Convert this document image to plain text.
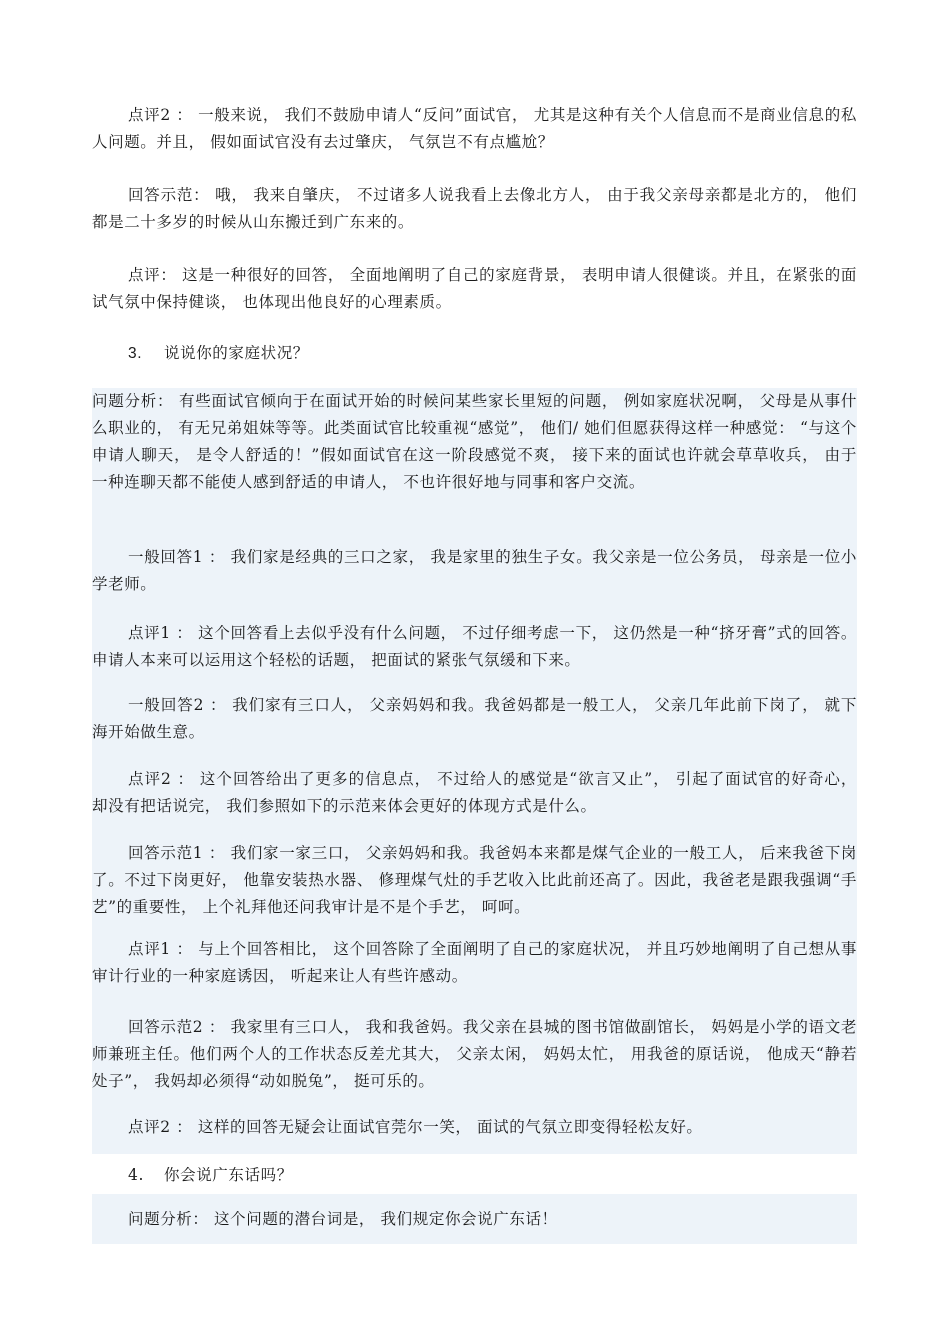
点评2 ： 一般来说， 我们不鼓励申请人“反问”面试官， 尤其是这种有关个人信息而不是商业信息的私人问题。并且， 假如面试官没有去过肇庆， 气氛岂不有点尴尬？

回答示范： 哦， 我来自肇庆， 不过诸多人说我看上去像北方人， 由于我父亲母亲都是北方的， 他们都是二十多岁的时候从山东搬迁到广东来的。

点评： 这是一种很好的回答， 全面地阐明了自己的家庭背景， 表明申请人很健谈。并且，在紧张的面试气氛中保持健谈， 也体现出他良好的心理素质。

3. 说说你的家庭状况？

问题分析： 有些面试官倾向于在面试开始的时候问某些家长里短的问题， 例如家庭状况啊， 父母是从事什么职业的， 有无兄弟姐妹等等。此类面试官比较重视“感觉”， 他们/ 她们但愿获得这样一种感觉： “与这个申请人聊天， 是令人舒适的！”假如面试官在这一阶段感觉不爽， 接下来的面试也许就会草草收兵， 由于一种连聊天都不能使人感到舒适的申请人， 不也许很好地与同事和客户交流。

一般回答1 ： 我们家是经典的三口之家， 我是家里的独生子女。我父亲是一位公务员， 母亲是一位小学老师。

点评1 ： 这个回答看上去似乎没有什么问题， 不过仔细考虑一下， 这仍然是一种“挤牙膏”式的回答。申请人本来可以运用这个轻松的话题， 把面试的紧张气氛缓和下来。

一般回答2 ： 我们家有三口人， 父亲妈妈和我。我爸妈都是一般工人， 父亲几年此前下岗了， 就下海开始做生意。

点评2 ： 这个回答给出了更多的信息点， 不过给人的感觉是“欲言又止”， 引起了面试官的好奇心， 却没有把话说完， 我们参照如下的示范来体会更好的体现方式是什么。

回答示范1 ： 我们家一家三口， 父亲妈妈和我。我爸妈本来都是煤气企业的一般工人， 后来我爸下岗了。不过下岗更好， 他靠安装热水器、 修理煤气灶的手艺收入比此前还高了。因此，我爸老是跟我强调“手艺”的重要性， 上个礼拜他还问我审计是不是个手艺， 呵呵。

点评1 ： 与上个回答相比， 这个回答除了全面阐明了自己的家庭状况， 并且巧妙地阐明了自己想从事审计行业的一种家庭诱因， 听起来让人有些许感动。

回答示范2 ： 我家里有三口人， 我和我爸妈。我父亲在县城的图书馆做副馆长， 妈妈是小学的语文老师兼班主任。他们两个人的工作状态反差尤其大， 父亲太闲， 妈妈太忙， 用我爸的原话说， 他成天“静若处子”， 我妈却必须得“动如脱兔”， 挺可乐的。

点评2 ： 这样的回答无疑会让面试官莞尔一笑， 面试的气氛立即变得轻松友好。

4. 你会说广东话吗？

问题分析： 这个问题的潜台词是， 我们规定你会说广东话！
